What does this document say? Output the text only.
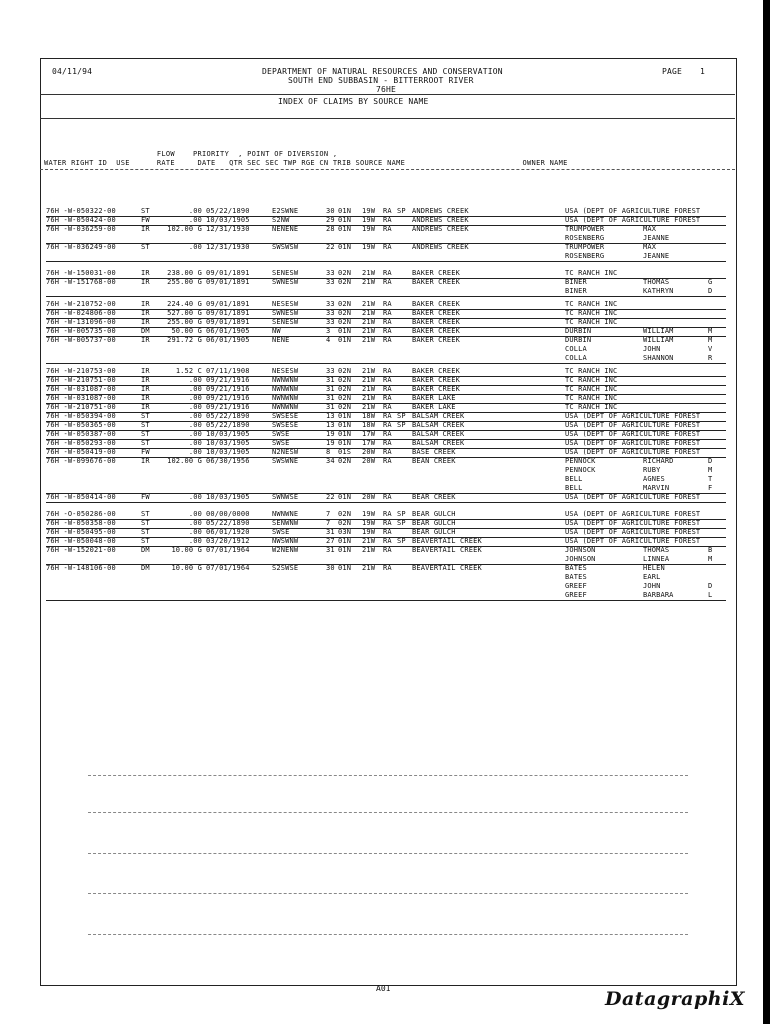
04/11/94	DEPARTMENT OF NATURAL RESOURCES AND CONSERVATION
SOUTH END SUBBASIN - BITTERROOT RIVER
76HE
PAGE 1
INDEX OF CLAIMS BY SOURCE NAME
FLOW    PRIORITY  , POINT OF DIVERSION ,
WATER RIGHT ID  USE      RATE     DATE   QTR SEC SEC TWP RGE CN TRIB SOURCE NAME                          OWNER NAME
76H -W-050322-00	ST	.00 05/22/1890	E2SWNE	30 01N 19W RA SP ANDREWS CREEK	USA (DEPT OF AGRICULTURE FOREST
76H -W-050424-00	FW	.00 10/03/1905	S2NW	29 01N 19W RA	ANDREWS CREEK	USA (DEPT OF AGRICULTURE FOREST
76H -W-036259-00	IR	102.00 G 12/31/1930	NENENE	28 01N 19W RA	ANDREWS CREEK	TRUMPOWER	MAX
ROSENBERG	JEANNE
76H -W-036249-00	ST	.00 12/31/1930	SWSWSW	22 01N 19W RA	ANDREWS CREEK	TRUMPOWER	MAX
ROSENBERG	JEANNE
76H -W-150031-00	IR	238.00 G 09/01/1891	SENESW	33 02N 21W RA	BAKER CREEK	TC RANCH INC
76H -W-151768-00	IR	255.00 G 09/01/1891	SWNESW	33 02N 21W RA	BAKER CREEK	BINER	THOMAS	G
BINER	KATHRYN	D
76H -W-210752-00	IR	224.40 G 09/01/1891	NESESW	33 02N 21W RA	BAKER CREEK	TC RANCH INC
76H -W-024806-00	IR	527.00 G 09/01/1891	SWNESW	33 02N 21W RA	BAKER CREEK	TC RANCH INC
76H -W-131096-00	IR	255.00 G 09/01/1891	SENESW	33 02N 21W RA	BAKER CREEK	TC RANCH INC
76H -W-005735-00	DM	50.00 G 06/01/1905	NW	3 01N 21W RA	BAKER CREEK	DURBIN	WILLIAM	M
76H -W-005737-00	IR	291.72 G 06/01/1905	NENE	4 01N 21W RA	BAKER CREEK	DURBIN	WILLIAM	M
COLLA	JOHN	V
COLLA	SHANNON	R
76H -W-210753-00	IR	1.52 C 07/11/1908	NESESW	33 02N 21W RA	BAKER CREEK	TC RANCH INC
76H -W-210751-00	IR	.00 09/21/1916	NWNWNW	31 02N 21W RA	BAKER CREEK	TC RANCH INC
76H -W-031087-00	IR	.00 09/21/1916	NWNWNW	31 02N 21W RA	BAKER CREEK	TC RANCH INC
76H -W-031087-00	IR	.00 09/21/1916	NWNWNW	31 02N 21W RA	BAKER LAKE	TC RANCH INC
76H -W-210751-00	IR	.00 09/21/1916	NWNWNW	31 02N 21W RA	BAKER LAKE	TC RANCH INC
76H -W-050394-00	ST	.00 05/22/1890	SWSESE	13 01N 18W RA SP BALSAM CREEK	USA (DEPT OF AGRICULTURE FOREST
76H -W-050365-00	ST	.00 05/22/1890	SWSESE	13 01N 18W RA SP BALSAM CREEK	USA (DEPT OF AGRICULTURE FOREST
76H -W-050387-00	ST	.00 10/03/1905	SWSE	19 01N 17W RA	BALSAM CREEK	USA (DEPT OF AGRICULTURE FOREST
76H -W-050293-00	ST	.00 10/03/1905	SWSE	19 01N 17W RA	BALSAM CREEK	USA (DEPT OF AGRICULTURE FOREST
76H -W-050419-00	FW	.00 10/03/1905	N2NESW	8 01S 20W RA	BASE CREEK	USA (DEPT OF AGRICULTURE FOREST
76H -W-099676-00	IR	102.00 G 06/30/1956	SWSWNE	34 02N 20W RA	BEAN CREEK	PENNOCK	RICHARD	D
PENNOCK	RUBY	M
BELL	AGNES	T
BELL	MARVIN	F
76H -W-050414-00	FW	.00 10/03/1905	SWNWSE	22 01N 20W RA	BEAR CREEK	USA (DEPT OF AGRICULTURE FOREST
76H -O-050286-00	ST	.00 00/00/0000	NWNWNE	7 02N 19W RA SP BEAR GULCH	USA (DEPT OF AGRICULTURE FOREST
76H -W-050358-00	ST	.00 05/22/1890	SENWNW	7 02N 19W RA SP BEAR GULCH	USA (DEPT OF AGRICULTURE FOREST
76H -W-050495-00	ST	.00 06/01/1920	SWSE	31 03N 19W RA	BEAR GULCH	USA (DEPT OF AGRICULTURE FOREST
76H -W-050048-00	ST	.00 03/20/1912	NWSWNW	27 01N 21W RA SP BEAVERTAIL CREEK	USA (DEPT OF AGRICULTURE FOREST
76H -W-152021-00	DM	10.00 G 07/01/1964	W2NENW	31 01N 21W RA	BEAVERTAIL CREEK	JOHNSON	THOMAS	B
JOHNSON	LINNEA	M
76H -W-148106-00	DM	10.00 G 07/01/1964	S2SWSE	30 01N 21W RA	BEAVERTAIL CREEK	BATES	HELEN
BATES	EARL
GREEF	JOHN	D
GREEF	BARBARA	L
A01	DatagraphiX
